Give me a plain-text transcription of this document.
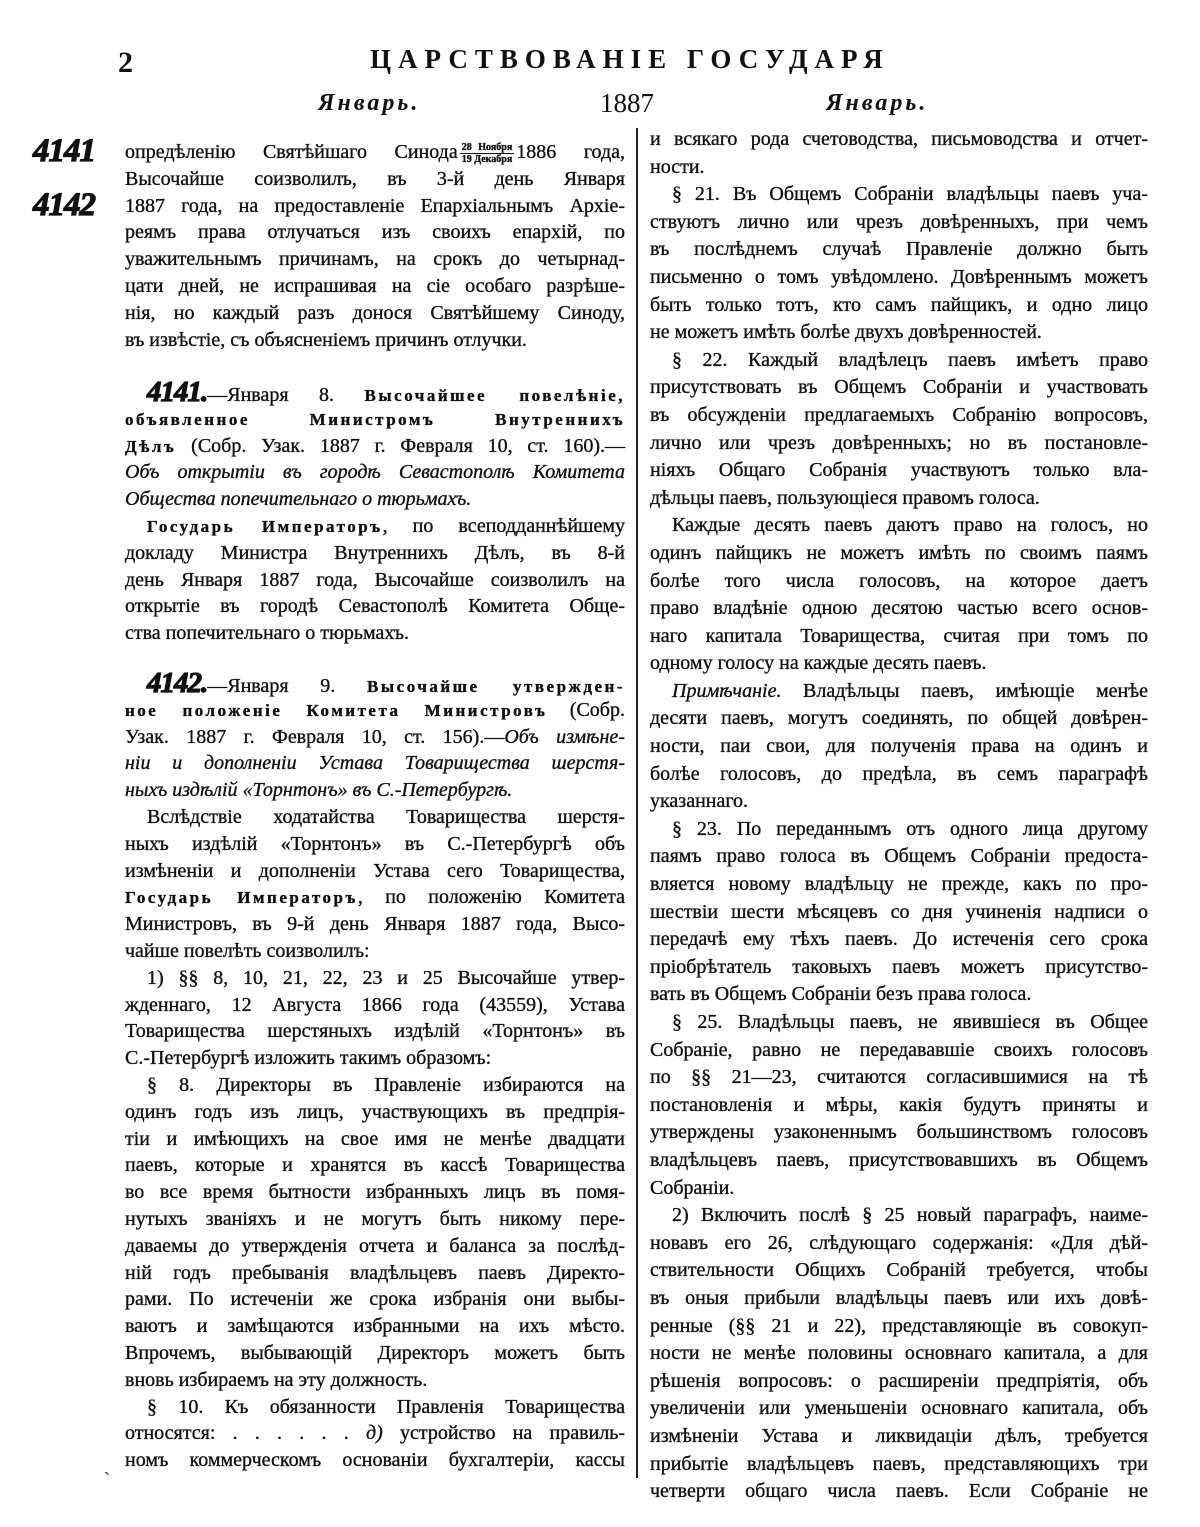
2	ЦАРСТВОВАНІЕ ГОСУДАРЯ
Январь.	1887	Январь.
4141
4142
опредѣленію Святѣйшаго Синода $\frac{\text{28 Ноября}}{\text{19 Декабря}} 1886$ года,
Высочайше соизволилъ, въ 3-й день Января
1887 года, на предоставленіе Епархіальнымъ Архіе-
реямъ права отлучаться изъ своихъ епархій, по
уважительнымъ причинамъ, на срокъ до четырнад-
цати дней, не испрашивая на сіе особаго разрѣше-
нія, но каждый разъ донося Святѣйшему Синоду,
въ извѣстіе, съ объясненіемъ причинъ отлучки.
4141.—Января 8. Высочайшее повелѣніе,
объявленное Министромъ Внутреннихъ
Дѣлъ (Собр. Узак. 1887 г. Февраля 10, ст. 160).—
Объ открытіи въ городѣ Севастополѣ Комитета
Общества попечительнаго о тюрьмахъ.
Государь Императоръ, по всеподданнѣйшему
докладу Министра Внутреннихъ Дѣлъ, въ 8-й
день Января 1887 года, Высочайше соизволилъ на
открытіе въ городѣ Севастополѣ Комитета Обще-
ства попечительнаго о тюрьмахъ.
4142.—Января 9. Высочайше утвержден-
ное положеніе Комитета Министровъ (Собр.
Узак. 1887 г. Февраля 10, ст. 156).—Объ измѣне-
ніи и дополненіи Устава Товарищества шерстя-
ныхъ издѣлій «Торнтонъ» въ С.-Петербургѣ.
Вслѣдствіе ходатайства Товарищества шерстя-
ныхъ издѣлій «Торнтонъ» въ С.-Петербургѣ объ
измѣненіи и дополненіи Устава сего Товарищества,
Государь Императоръ, по положенію Комитета
Министровъ, въ 9-й день Января 1887 года, Высо-
чайше повелѣть соизволилъ:
1) §§ 8, 10, 21, 22, 23 и 25 Высочайше утвер-
жденнаго, 12 Августа 1866 года (43559), Устава
Товарищества шерстяныхъ издѣлій «Торнтонъ» въ
С.-Петербургѣ изложить такимъ образомъ:
§ 8. Директоры въ Правленіе избираются на
одинъ годъ изъ лицъ, участвующихъ въ предпрія-
тіи и имѣющихъ на свое имя не менѣе двадцати
паевъ, которые и хранятся въ кассѣ Товарищества
во все время бытности избранныхъ лицъ въ помя-
нутыхъ званіяхъ и не могутъ быть никому пере-
даваемы до утвержденія отчета и баланса за послѣд-
ній годъ пребыванія владѣльцевъ паевъ Директо-
рами. По истеченіи же срока избранія они выбы-
ваютъ и замѣщаются избранными на ихъ мѣсто.
Впрочемъ, выбывающій Директоръ можетъ быть
вновь избираемъ на эту должность.
§ 10. Къ обязанности Правленія Товарищества
относятся: . . . . . . д) устройство на правиль-
номъ коммерческомъ основаніи бухгалтеріи, кассы
и всякаго рода счетоводства, письмоводства и отчет-
ности.
§ 21. Въ Общемъ Собраніи владѣльцы паевъ уча-
ствуютъ лично или чрезъ довѣренныхъ, при чемъ
въ послѣднемъ случаѣ Правленіе должно быть
письменно о томъ увѣдомлено. Довѣреннымъ можетъ
быть только тотъ, кто самъ пайщикъ, и одно лицо
не можетъ имѣть болѣе двухъ довѣренностей.
§ 22. Каждый владѣлецъ паевъ имѣетъ право
присутствовать въ Общемъ Собраніи и участвовать
въ обсужденіи предлагаемыхъ Собранію вопросовъ,
лично или чрезъ довѣренныхъ; но въ постановле-
ніяхъ Общаго Собранія участвуютъ только вла-
дѣльцы паевъ, пользующіеся правомъ голоса.
Каждые десять паевъ даютъ право на голосъ, но
одинъ пайщикъ не можетъ имѣть по своимъ паямъ
болѣе того числа голосовъ, на которое даетъ
право владѣніе одною десятою частью всего основ-
наго капитала Товарищества, считая при томъ по
одному голосу на каждые десять паевъ.
Примѣчаніе. Владѣльцы паевъ, имѣющіе менѣе
десяти паевъ, могутъ соединять, по общей довѣрен-
ности, паи свои, для полученія права на одинъ и
болѣе голосовъ, до предѣла, въ семъ параграфѣ
указаннаго.
§ 23. По переданнымъ отъ одного лица другому
паямъ право голоса въ Общемъ Собраніи предоста-
вляется новому владѣльцу не прежде, какъ по про-
шествіи шести мѣсяцевъ со дня учиненія надписи о
передачѣ ему тѣхъ паевъ. До истеченія сего срока
пріобрѣтатель таковыхъ паевъ можетъ присутство-
вать въ Общемъ Собраніи безъ права голоса.
§ 25. Владѣльцы паевъ, не явившіеся въ Общее
Собраніе, равно не передававшіе своихъ голосовъ
по §§ 21—23, считаются согласившимися на тѣ
постановленія и мѣры, какія будутъ приняты и
утверждены узаконеннымъ большинствомъ голосовъ
владѣльцевъ паевъ, присутствовавшихъ въ Общемъ
Собраніи.
2) Включить послѣ § 25 новый параграфъ, наиме-
новавъ его 26, слѣдующаго содержанія: «Для дѣй-
ствительности Общихъ Собраній требуется, чтобы
въ оныя прибыли владѣльцы паевъ или ихъ довѣ-
ренные (§§ 21 и 22), представляющіе въ совокуп-
ности не менѣе половины основнаго капитала, а для
рѣшенія вопросовъ: о расширеніи предпріятія, объ
увеличеніи или уменьшеніи основнаго капитала, объ
измѣненіи Устава и ликвидаціи дѣлъ, требуется
прибытіе владѣльцевъ паевъ, представляющихъ три
четверти общаго числа паевъ. Если Собраніе не
ˎ
